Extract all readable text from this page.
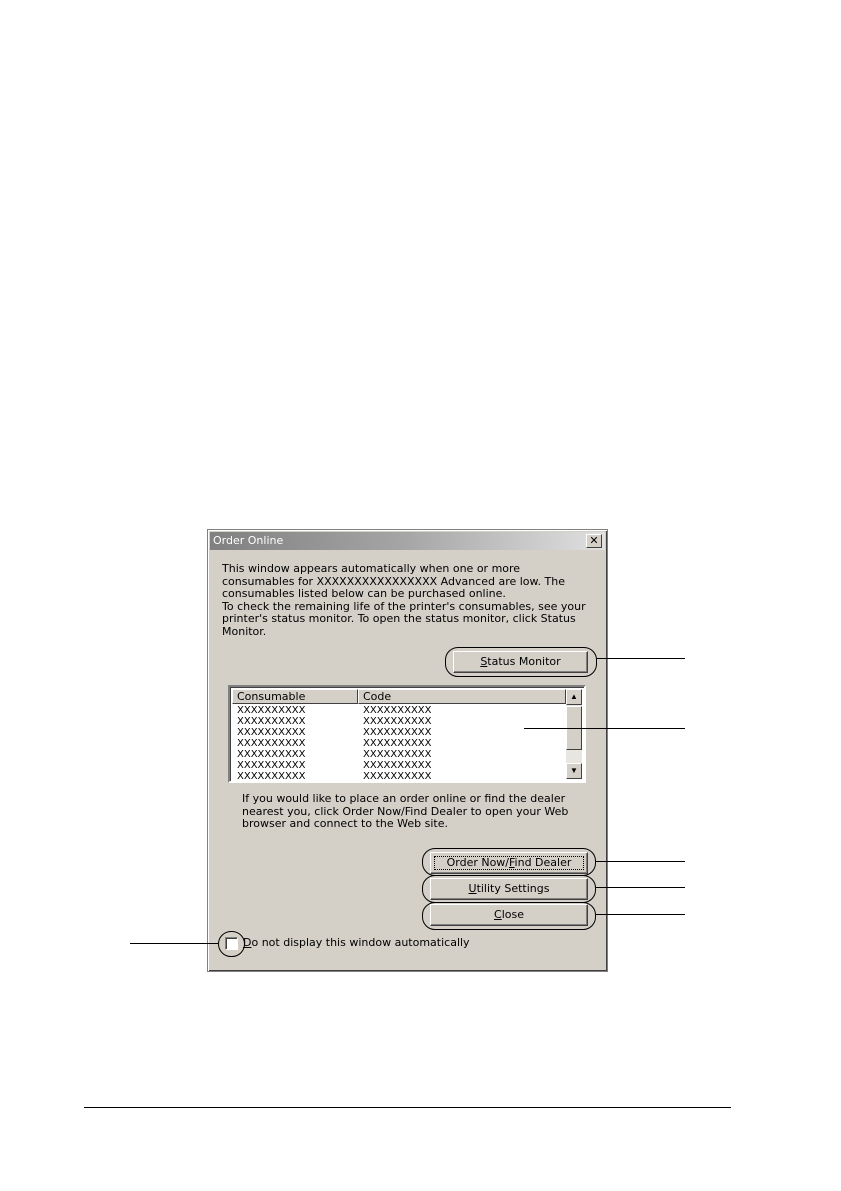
Order Online	✕
This window appears automatically when one or more
consumables for XXXXXXXXXXXXXXXX Advanced are low. The
consumables listed below can be purchased online.
To check the remaining life of the printer's consumables, see your
printer's status monitor. To open the status monitor, click Status
Monitor.
Status Monitor
Consumable	Code
XXXXXXXXXX	XXXXXXXXXX
XXXXXXXXXX	XXXXXXXXXX
XXXXXXXXXX	XXXXXXXXXX
XXXXXXXXXX	XXXXXXXXXX
XXXXXXXXXX	XXXXXXXXXX
XXXXXXXXXX	XXXXXXXXXX
XXXXXXXXXX	XXXXXXXXXX
▲
▼
If you would like to place an order online or find the dealer
nearest you, click Order Now/Find Dealer to open your Web
browser and connect to the Web site.
Order Now/Find Dealer
Utility Settings
Close
Do not display this window automatically
